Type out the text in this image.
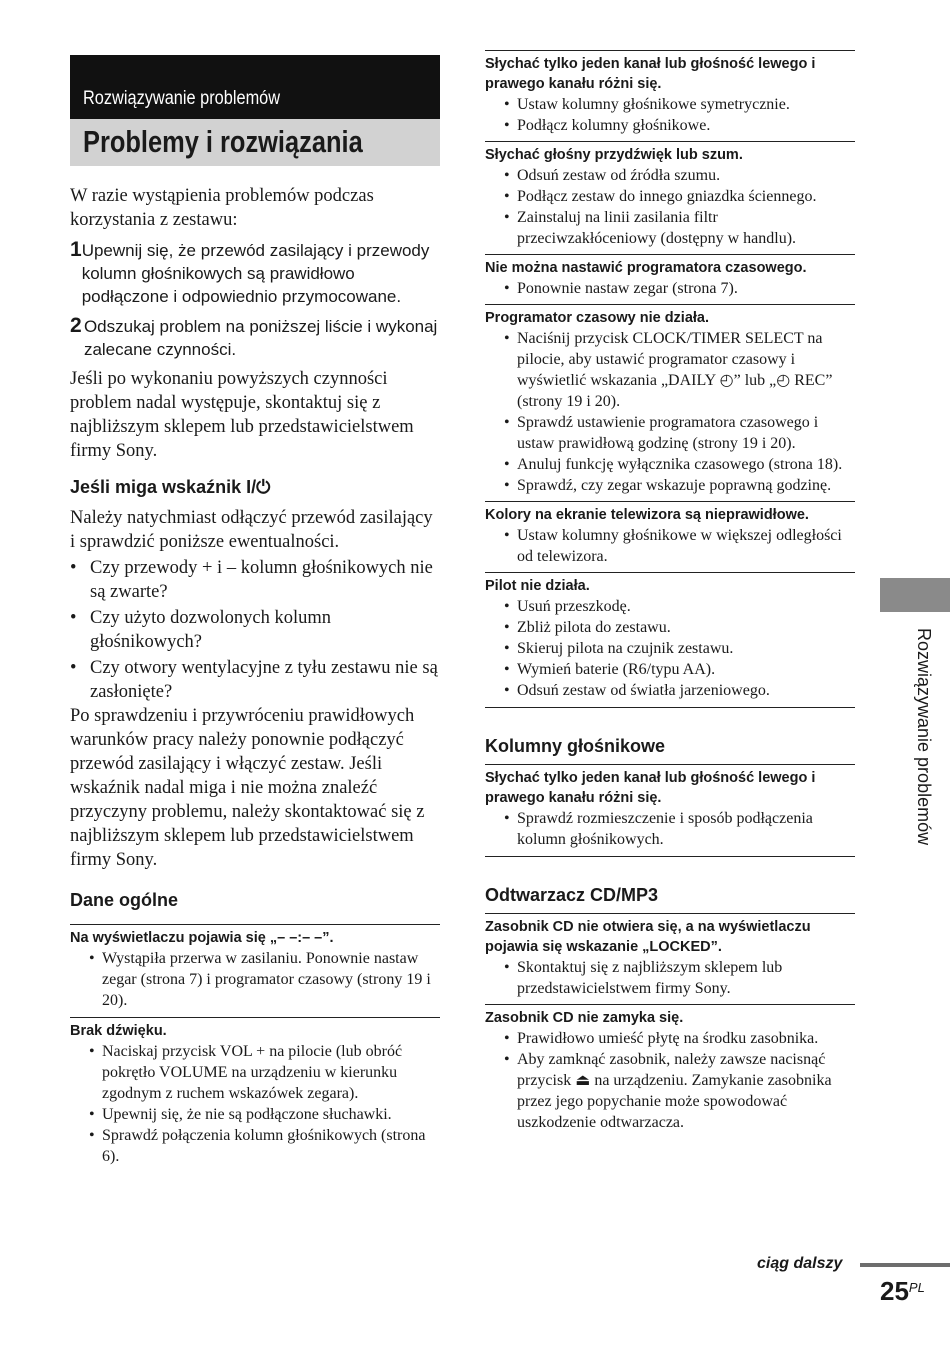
Rozwiązywanie problemów
Problemy i rozwiązania
W razie wystąpienia problemów podczas korzystania z zestawu:
1 Upewnij się, że przewód zasilający i przewody kolumn głośnikowych są prawidłowo podłączone i odpowiednio przymocowane.
2 Odszukaj problem na poniższej liście i wykonaj zalecane czynności.
Jeśli po wykonaniu powyższych czynności problem nadal występuje, skontaktuj się z najbliższym sklepem lub przedstawicielstwem firmy Sony.
Jeśli miga wskaźnik I/⏻
Należy natychmiast odłączyć przewód zasilający i sprawdzić poniższe ewentualności.
• Czy przewody + i – kolumn głośnikowych nie są zwarte?
• Czy użyto dozwolonych kolumn głośnikowych?
• Czy otwory wentylacyjne z tyłu zestawu nie są zasłonięte?
Po sprawdzeniu i przywróceniu prawidłowych warunków pracy należy ponownie podłączyć przewód zasilający i włączyć zestaw. Jeśli wskaźnik nadal miga i nie można znaleźć przyczyny problemu, należy skontaktować się z najbliższym sklepem lub przedstawicielstwem firmy Sony.
Dane ogólne
Na wyświetlaczu pojawia się „– –:– –”.
• Wystąpiła przerwa w zasilaniu. Ponownie nastaw zegar (strona 7) i programator czasowy (strony 19 i 20).
Brak dźwięku.
• Naciskaj przycisk VOL + na pilocie (lub obróć pokrętło VOLUME na urządzeniu w kierunku zgodnym z ruchem wskazówek zegara).
• Upewnij się, że nie są podłączone słuchawki.
• Sprawdź połączenia kolumn głośnikowych (strona 6).
Słychać tylko jeden kanał lub głośność lewego i prawego kanału różni się.
• Ustaw kolumny głośnikowe symetrycznie.
• Podłącz kolumny głośnikowe.
Słychać głośny przydźwięk lub szum.
• Odsuń zestaw od źródła szumu.
• Podłącz zestaw do innego gniazdka ściennego.
• Zainstaluj na linii zasilania filtr przeciwzakłóceniowy (dostępny w handlu).
Nie można nastawić programatora czasowego.
• Ponownie nastaw zegar (strona 7).
Programator czasowy nie działa.
• Naciśnij przycisk CLOCK/TIMER SELECT na pilocie, aby ustawić programator czasowy i wyświetlić wskazania „DAILY ◴” lub „◴ REC” (strony 19 i 20).
• Sprawdź ustawienie programatora czasowego i ustaw prawidłową godzinę (strony 19 i 20).
• Anuluj funkcję wyłącznika czasowego (strona 18).
• Sprawdź, czy zegar wskazuje poprawną godzinę.
Kolory na ekranie telewizora są nieprawidłowe.
• Ustaw kolumny głośnikowe w większej odległości od telewizora.
Pilot nie działa.
• Usuń przeszkodę.
• Zbliż pilota do zestawu.
• Skieruj pilota na czujnik zestawu.
• Wymień baterie (R6/typu AA).
• Odsuń zestaw od światła jarzeniowego.
Kolumny głośnikowe
Słychać tylko jeden kanał lub głośność lewego i prawego kanału różni się.
• Sprawdź rozmieszczenie i sposób podłączenia kolumn głośnikowych.
Odtwarzacz CD/MP3
Zasobnik CD nie otwiera się, a na wyświetlaczu pojawia się wskazanie „LOCKED”.
• Skontaktuj się z najbliższym sklepem lub przedstawicielstwem firmy Sony.
Zasobnik CD nie zamyka się.
• Prawidłowo umieść płytę na środku zasobnika.
• Aby zamknąć zasobnik, należy zawsze nacisnąć przycisk ⏏ na urządzeniu. Zamykanie zasobnika przez jego popychanie może spowodować uszkodzenie odtwarzacza.
Rozwiązywanie problemów
ciąg dalszy
$25^{PL}$
